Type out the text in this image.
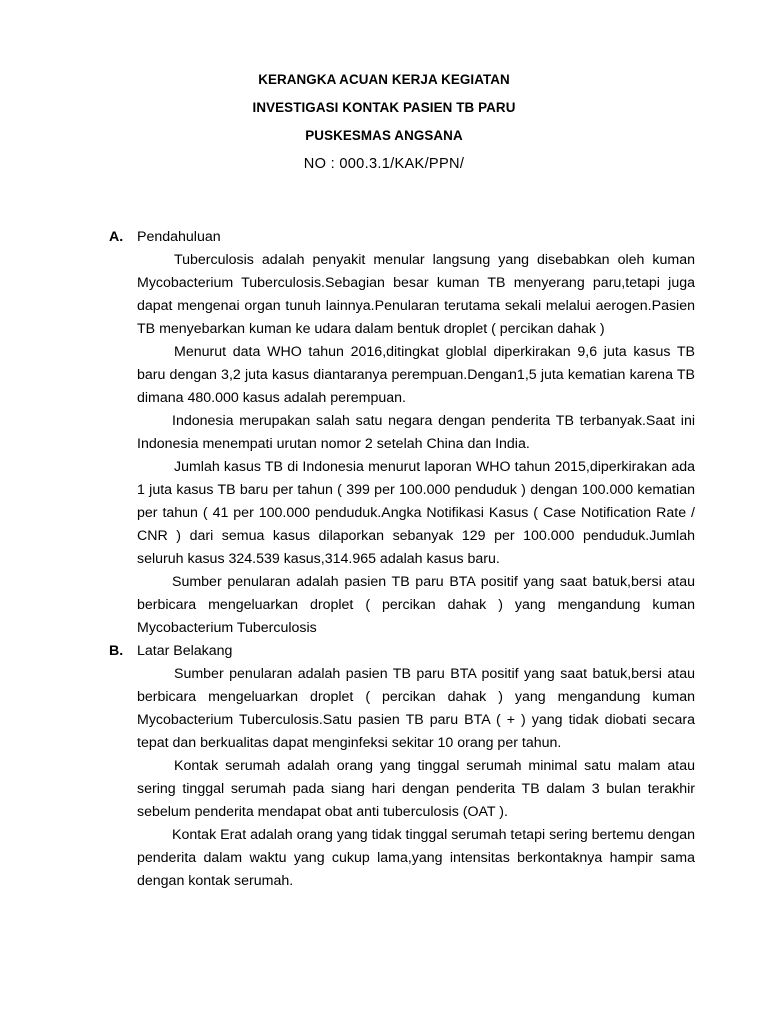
KERANGKA ACUAN KERJA KEGIATAN
INVESTIGASI KONTAK PASIEN TB PARU
PUSKESMAS ANGSANA
NO : 000.3.1/KAK/PPN/
A. Pendahuluan

Tuberculosis adalah penyakit menular langsung yang disebabkan oleh kuman Mycobacterium Tuberculosis.Sebagian besar kuman TB menyerang paru,tetapi juga dapat mengenai organ tunuh lainnya.Penularan terutama sekali melalui aerogen.Pasien TB menyebarkan kuman ke udara dalam bentuk droplet ( percikan dahak )

Menurut data WHO tahun 2016,ditingkat globlal diperkirakan 9,6 juta kasus TB baru dengan 3,2 juta kasus diantaranya perempuan.Dengan1,5 juta kematian karena TB dimana 480.000 kasus adalah perempuan.

Indonesia merupakan salah satu negara dengan penderita TB terbanyak.Saat ini Indonesia menempati urutan nomor 2 setelah China dan India.

Jumlah kasus TB di Indonesia menurut laporan WHO tahun 2015,diperkirakan ada 1 juta kasus TB baru per tahun ( 399 per 100.000 penduduk ) dengan 100.000 kematian per tahun ( 41 per 100.000 penduduk.Angka Notifikasi Kasus ( Case Notification Rate / CNR ) dari semua kasus dilaporkan sebanyak 129 per 100.000 penduduk.Jumlah seluruh kasus 324.539 kasus,314.965 adalah kasus baru.

Sumber penularan adalah pasien TB paru BTA positif yang saat batuk,bersi atau berbicara mengeluarkan droplet ( percikan dahak ) yang mengandung kuman Mycobacterium Tuberculosis

B. Latar Belakang

Sumber penularan adalah pasien TB paru BTA positif yang saat batuk,bersi atau berbicara mengeluarkan droplet ( percikan dahak ) yang mengandung kuman Mycobacterium Tuberculosis.Satu pasien TB paru BTA ( + ) yang tidak diobati secara tepat dan berkualitas dapat menginfeksi sekitar 10 orang per tahun.

Kontak serumah adalah orang yang tinggal serumah minimal satu malam atau sering tinggal serumah pada siang hari dengan penderita TB dalam 3 bulan terakhir sebelum penderita mendapat obat anti tuberculosis (OAT ).

Kontak Erat adalah orang yang tidak tinggal serumah tetapi sering bertemu dengan penderita dalam waktu yang cukup lama,yang intensitas berkontaknya hampir sama dengan kontak serumah.
